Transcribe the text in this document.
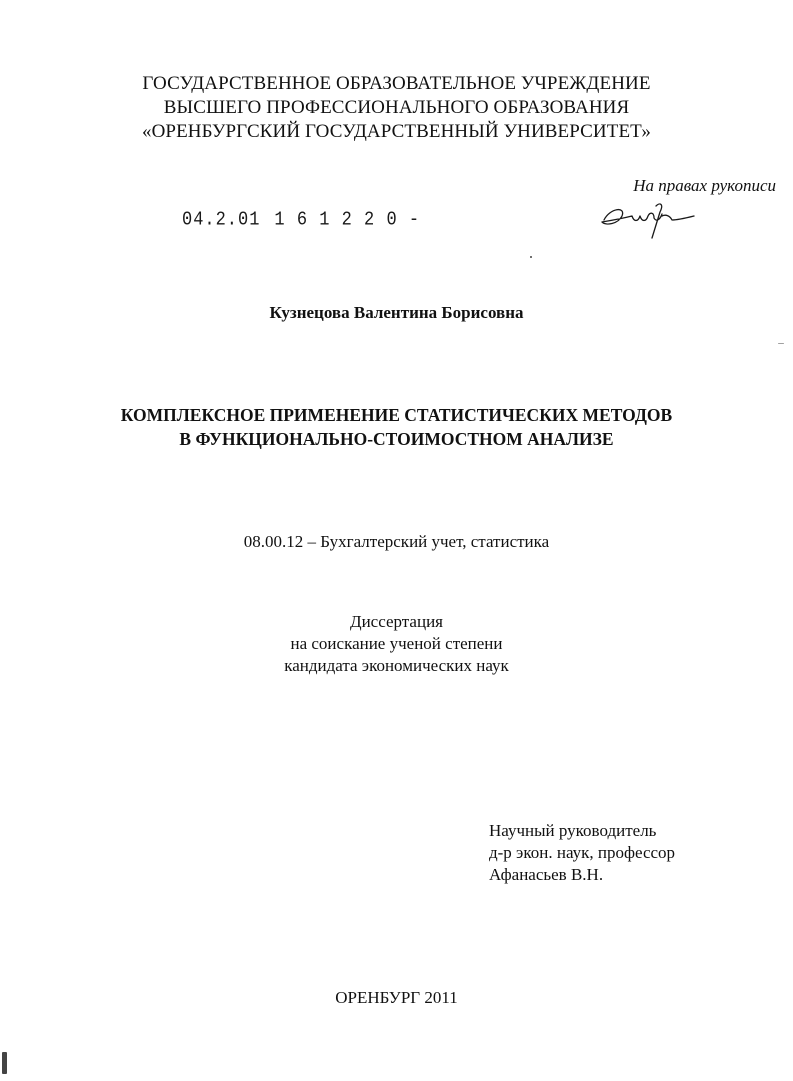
ГОСУДАРСТВЕННОЕ ОБРАЗОВАТЕЛЬНОЕ УЧРЕЖДЕНИЕ
ВЫСШЕГО ПРОФЕССИОНАЛЬНОГО ОБРАЗОВАНИЯ
«ОРЕНБУРГСКИЙ ГОСУДАРСТВЕННЫЙ УНИВЕРСИТЕТ»
На правах рукописи
04.2.01 1 6 1 2 2 0 -
Кузнецова Валентина Борисовна
КОМПЛЕКСНОЕ ПРИМЕНЕНИЕ СТАТИСТИЧЕСКИХ МЕТОДОВ
В ФУНКЦИОНАЛЬНО-СТОИМОСТНОМ АНАЛИЗЕ
08.00.12 – Бухгалтерский учет, статистика
Диссертация
на соискание ученой степени
кандидата экономических наук
Научный руководитель
д-р экон. наук, профессор
Афанасьев В.Н.
ОРЕНБУРГ 2011
